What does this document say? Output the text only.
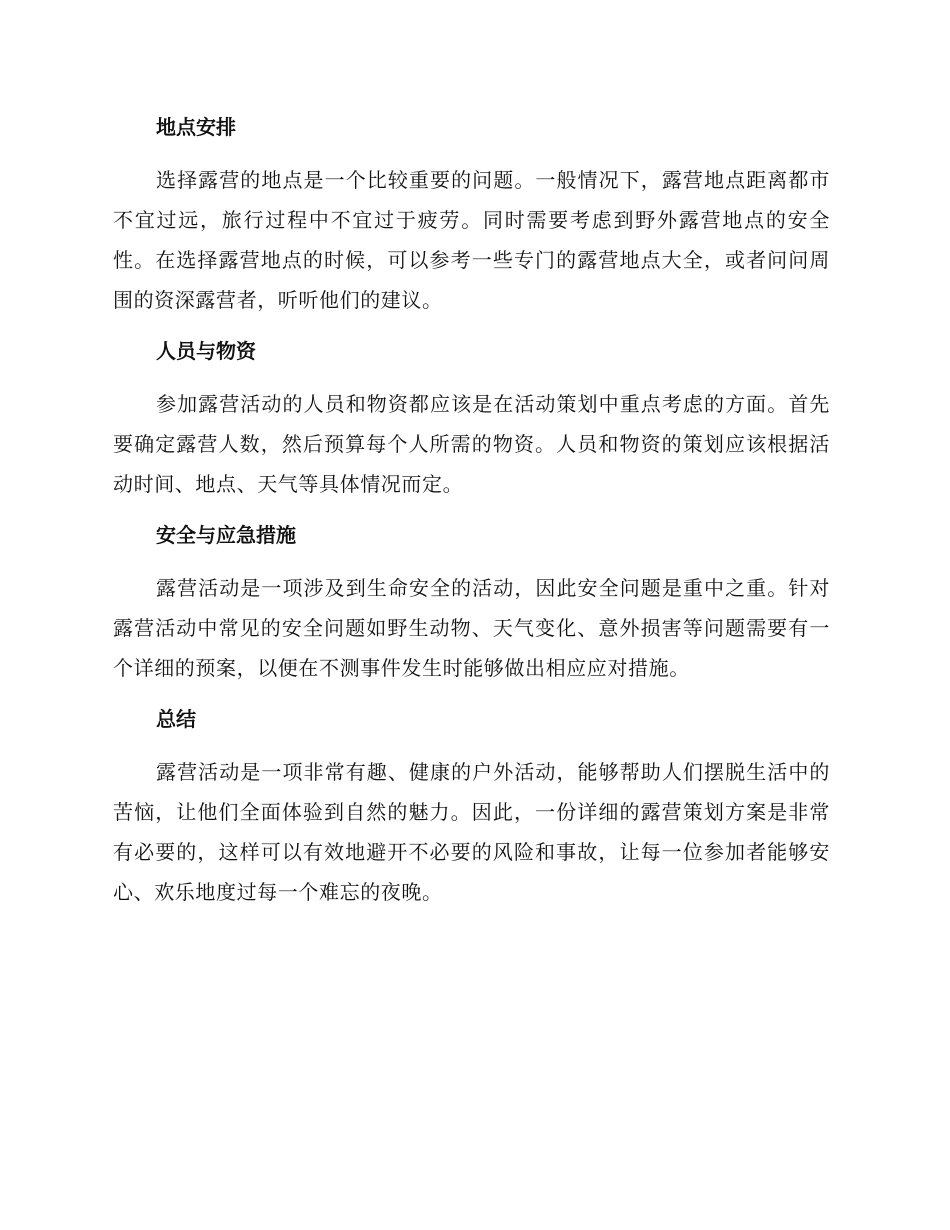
地点安排

选择露营的地点是一个比较重要的问题。一般情况下，露营地点距离都市不宜过远，旅行过程中不宜过于疲劳。同时需要考虑到野外露营地点的安全性。在选择露营地点的时候，可以参考一些专门的露营地点大全，或者问问周围的资深露营者，听听他们的建议。

人员与物资

参加露营活动的人员和物资都应该是在活动策划中重点考虑的方面。首先要确定露营人数，然后预算每个人所需的物资。人员和物资的策划应该根据活动时间、地点、天气等具体情况而定。

安全与应急措施

露营活动是一项涉及到生命安全的活动，因此安全问题是重中之重。针对露营活动中常见的安全问题如野生动物、天气变化、意外损害等问题需要有一个详细的预案，以便在不测事件发生时能够做出相应应对措施。

总结

露营活动是一项非常有趣、健康的户外活动，能够帮助人们摆脱生活中的苦恼，让他们全面体验到自然的魅力。因此，一份详细的露营策划方案是非常有必要的，这样可以有效地避开不必要的风险和事故，让每一位参加者能够安心、欢乐地度过每一个难忘的夜晚。
